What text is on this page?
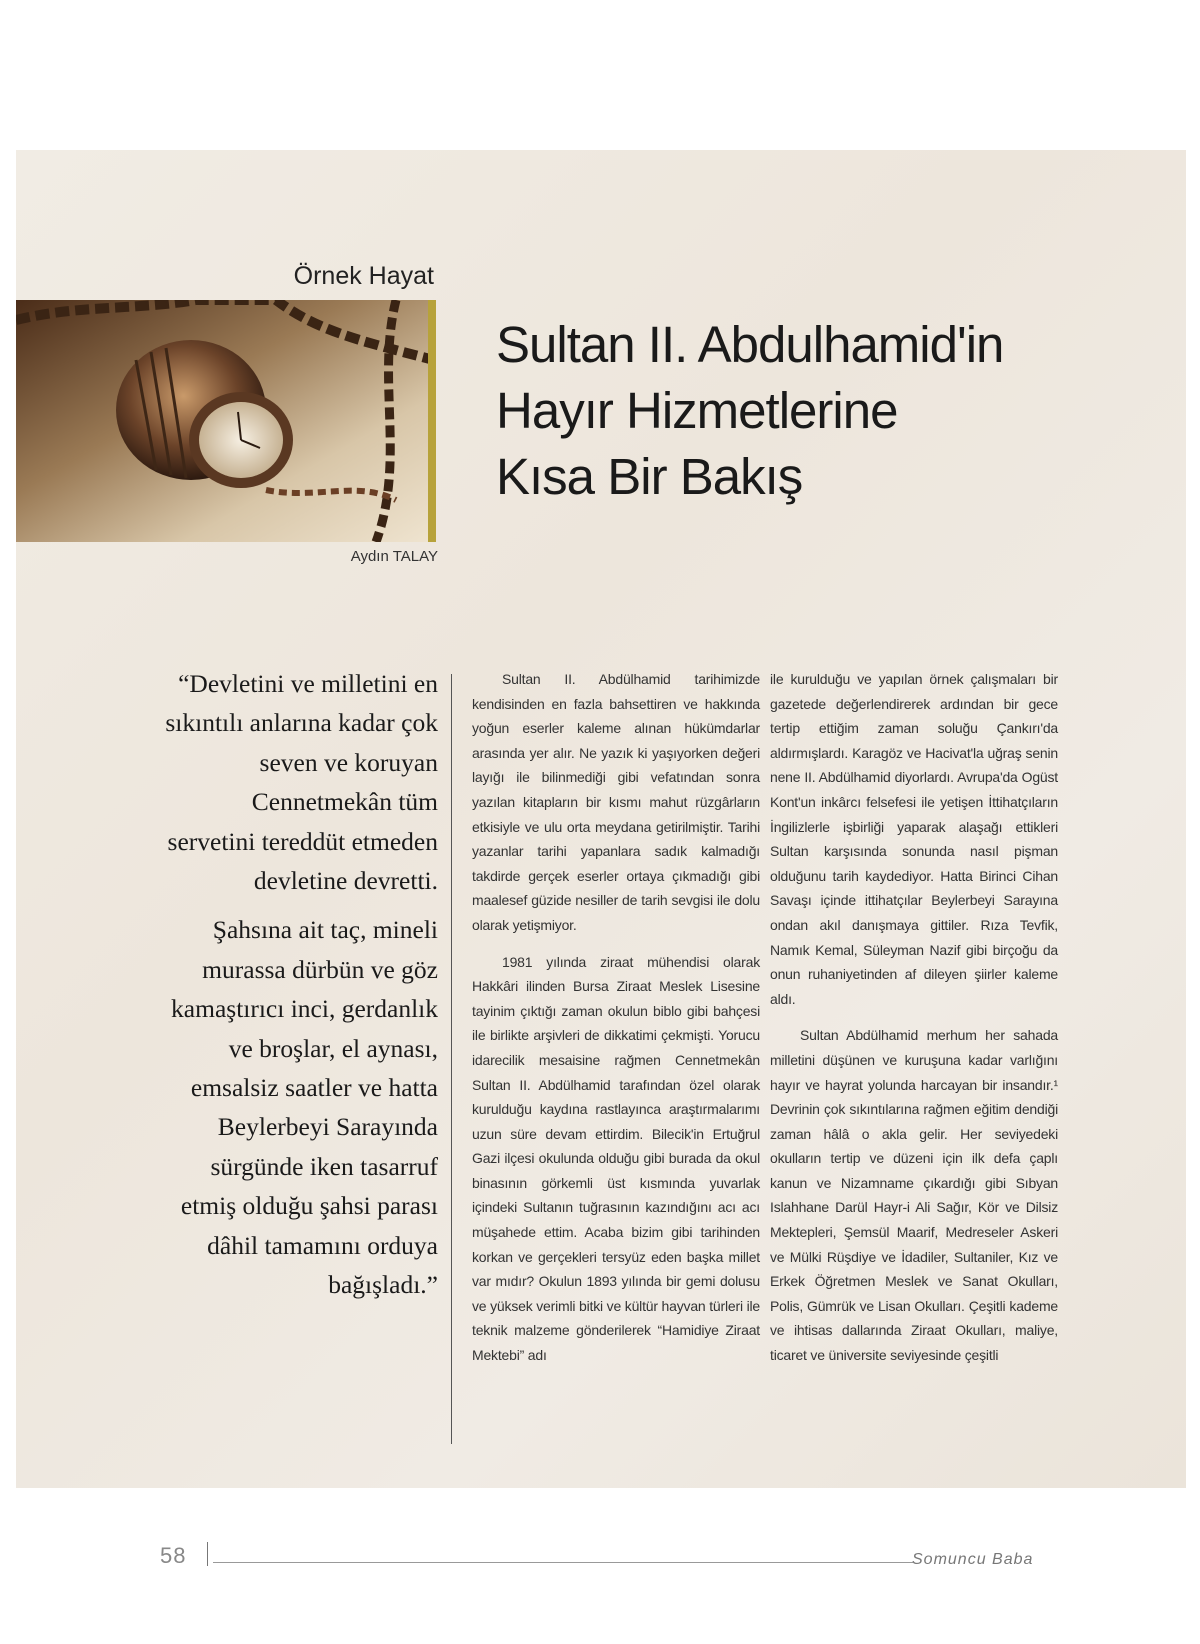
Örnek Hayat
Aydın TALAY
Sultan II. Abdulhamid'in
Hayır Hizmetlerine
Kısa Bir Bakış

“Devletini ve milletini en sıkıntılı anlarına kadar çok seven ve koruyan Cennetmekân tüm servetini tereddüt etmeden devletine devretti.

Şahsına ait taç, mineli murassa dürbün ve göz kamaştırıcı inci, gerdanlık ve broşlar, el aynası, emsalsiz saatler ve hatta Beylerbeyi Sarayında sürgünde iken tasarruf etmiş olduğu şahsi parası dâhil tamamını orduya bağışladı.”

Sultan II. Abdülhamid tarihimizde kendisinden en fazla bahsettiren ve hakkında yoğun eserler kaleme alınan hükümdarlar arasında yer alır. Ne yazık ki yaşıyorken değeri layığı ile bilinmediği gibi vefatından sonra yazılan kitapların bir kısmı mahut rüzgârların etkisiyle ve ulu orta meydana getirilmiştir. Tarihi yazanlar tarihi yapanlara sadık kalmadığı takdirde gerçek eserler ortaya çıkmadığı gibi maalesef güzide nesiller de tarih sevgisi ile dolu olarak yetişmiyor.

1981 yılında ziraat mühendisi olarak Hakkâri ilinden Bursa Ziraat Meslek Lisesine tayinim çıktığı zaman okulun biblo gibi bahçesi ile birlikte arşivleri de dikkatimi çekmişti. Yorucu idarecilik mesaisine rağmen Cennetmekân Sultan II. Abdülhamid tarafından özel olarak kurulduğu kaydına rastlayınca araştırmalarımı uzun süre devam ettirdim. Bilecik'in Ertuğrul Gazi ilçesi okulunda olduğu gibi burada da okul binasının görkemli üst kısmında yuvarlak içindeki Sultanın tuğrasının kazındığını acı acı müşahede ettim. Acaba bizim gibi tarihinden korkan ve gerçekleri tersyüz eden başka millet var mıdır? Okulun 1893 yılında bir gemi dolusu ve yüksek verimli bitki ve kültür hayvan türleri ile teknik malzeme gönderilerek “Hamidiye Ziraat Mektebi” adı

ile kurulduğu ve yapılan örnek çalışmaları bir gazetede değerlendirerek ardından bir gece tertip ettiğim zaman soluğu Çankırı'da aldırmışlardı. Karagöz ve Hacivat'la uğraş senin nene II. Abdülhamid diyorlardı. Avrupa'da Ogüst Kont'un inkârcı felsefesi ile yetişen İttihatçıların İngilizlerle işbirliği yaparak alaşağı ettikleri Sultan karşısında sonunda nasıl pişman olduğunu tarih kaydediyor. Hatta Birinci Cihan Savaşı içinde ittihatçılar Beylerbeyi Sarayına ondan akıl danışmaya gittiler. Rıza Tevfik, Namık Kemal, Süleyman Nazif gibi birçoğu da onun ruhaniyetinden af dileyen şiirler kaleme aldı.

Sultan Abdülhamid merhum her sahada milletini düşünen ve kuruşuna kadar varlığını hayır ve hayrat yolunda harcayan bir insandır.¹ Devrinin çok sıkıntılarına rağmen eğitim dendiği zaman hâlâ o akla gelir. Her seviyedeki okulların tertip ve düzeni için ilk defa çaplı kanun ve Nizamname çıkardığı gibi Sıbyan Islahhane Darül Hayr-i Ali Sağır, Kör ve Dilsiz Mektepleri, Şemsül Maarif, Medreseler Askeri ve Mülki Rüşdiye ve İdadiler, Sultaniler, Kız ve Erkek Öğretmen Meslek ve Sanat Okulları, Polis, Gümrük ve Lisan Okulları. Çeşitli kademe ve ihtisas dallarında Ziraat Okulları, maliye, ticaret ve üniversite seviyesinde çeşitli

58	Somuncu Baba
